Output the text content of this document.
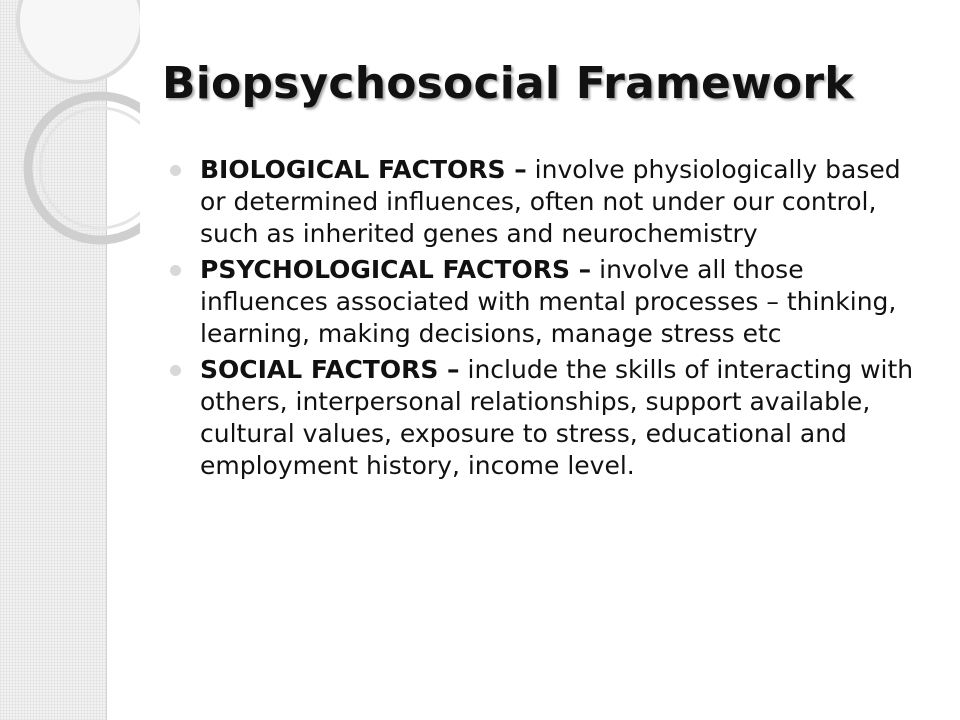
Biopsychosocial Framework
BIOLOGICAL FACTORS – involve physiologically based or determined influences, often not under our control, such as inherited genes and neurochemistry
PSYCHOLOGICAL FACTORS – involve all those influences associated with mental processes – thinking, learning, making decisions, manage stress etc
SOCIAL FACTORS – include the skills of interacting with others, interpersonal relationships, support available, cultural values, exposure to stress, educational and employment history, income level.
